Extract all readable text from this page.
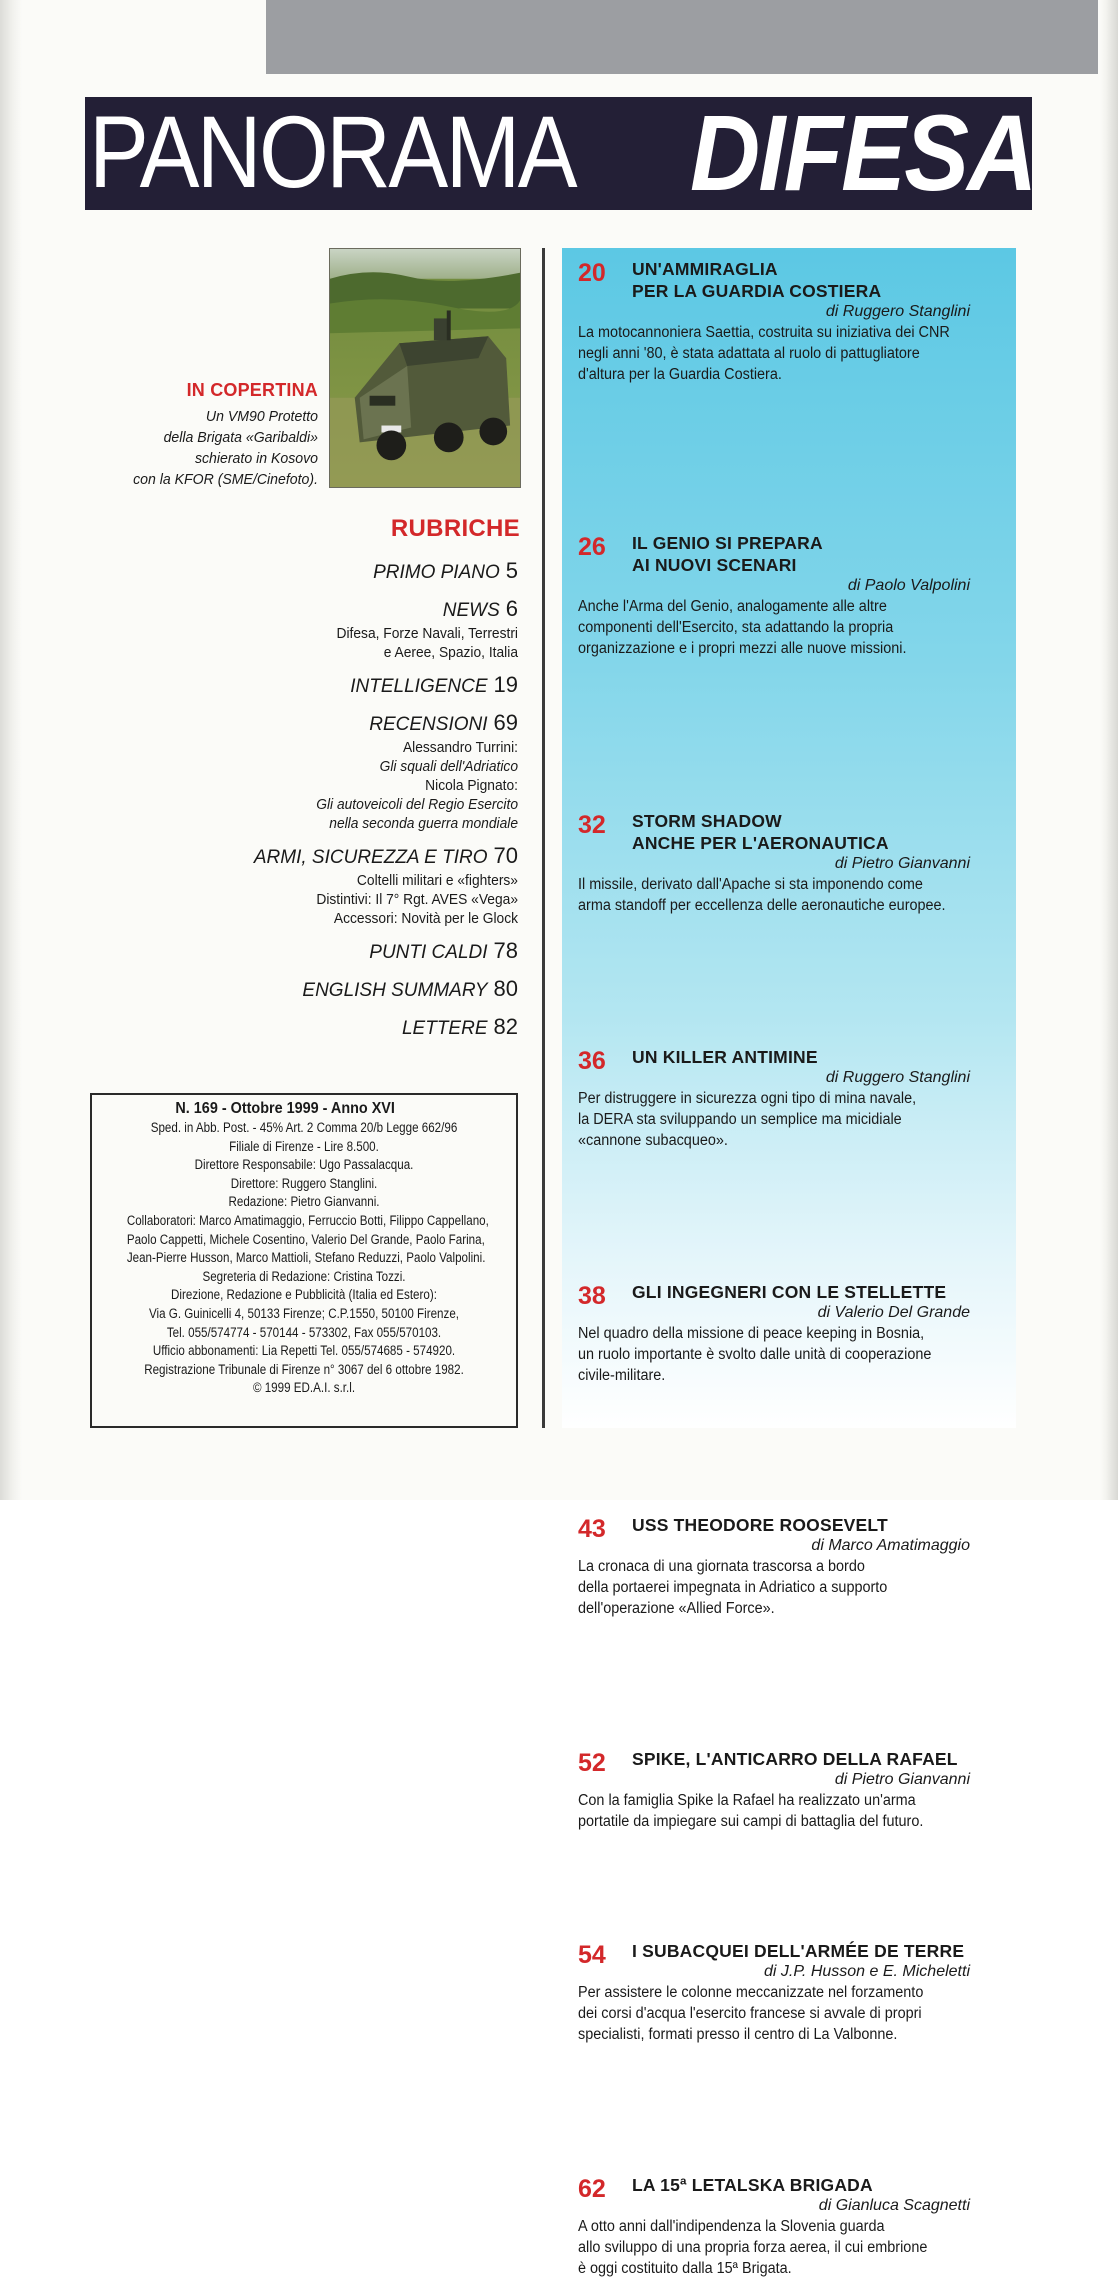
PANORAMA DIFESA
IN COPERTINA
Un VM90 Protetto
della Brigata «Garibaldi»
schierato in Kosovo
con la KFOR (SME/Cinefoto).
RUBRICHE
PRIMO PIANO 5
NEWS 6
Difesa, Forze Navali, Terrestri
e Aeree, Spazio, Italia
INTELLIGENCE 19
RECENSIONI 69
Alessandro Turrini:
Gli squali dell'Adriatico
Nicola Pignato:
Gli autoveicoli del Regio Esercito
nella seconda guerra mondiale
ARMI, SICUREZZA E TIRO 70
Coltelli militari e «fighters»
Distintivi: Il 7° Rgt. AVES «Vega»
Accessori: Novità per le Glock
PUNTI CALDI 78
ENGLISH SUMMARY 80
LETTERE 82
N. 169 - Ottobre 1999 - Anno XVI
Sped. in Abb. Post. - 45% Art. 2 Comma 20/b Legge 662/96
Filiale di Firenze - Lire 8.500.
Direttore Responsabile: Ugo Passalacqua.
Direttore: Ruggero Stanglini.
Redazione: Pietro Gianvanni.
Collaboratori: Marco Amatimaggio, Ferruccio Botti, Filippo Cappellano,
Paolo Cappetti, Michele Cosentino, Valerio Del Grande, Paolo Farina,
Jean-Pierre Husson, Marco Mattioli, Stefano Reduzzi, Paolo Valpolini.
Segreteria di Redazione: Cristina Tozzi.
Direzione, Redazione e Pubblicità (Italia ed Estero):
Via G. Guinicelli 4, 50133 Firenze; C.P.1550, 50100 Firenze,
Tel. 055/574774 - 570144 - 573302, Fax 055/570103.
Ufficio abbonamenti: Lia Repetti Tel. 055/574685 - 574920.
Registrazione Tribunale di Firenze n° 3067 del 6 ottobre 1982.
© 1999 ED.A.I. s.r.l.
20 UN'AMMIRAGLIA
PER LA GUARDIA COSTIERA
di Ruggero Stanglini
La motocannoniera Saettia, costruita su iniziativa dei CNR
negli anni '80, è stata adattata al ruolo di pattugliatore
d'altura per la Guardia Costiera.
26 IL GENIO SI PREPARA
AI NUOVI SCENARI
di Paolo Valpolini
Anche l'Arma del Genio, analogamente alle altre
componenti dell'Esercito, sta adattando la propria
organizzazione e i propri mezzi alle nuove missioni.
32 STORM SHADOW
ANCHE PER L'AERONAUTICA
di Pietro Gianvanni
Il missile, derivato dall'Apache si sta imponendo come
arma standoff per eccellenza delle aeronautiche europee.
36 UN KILLER ANTIMINE
di Ruggero Stanglini
Per distruggere in sicurezza ogni tipo di mina navale,
la DERA sta sviluppando un semplice ma micidiale
«cannone subacqueo».
38 GLI INGEGNERI CON LE STELLETTE
di Valerio Del Grande
Nel quadro della missione di peace keeping in Bosnia,
un ruolo importante è svolto dalle unità di cooperazione
civile-militare.
43 USS THEODORE ROOSEVELT
di Marco Amatimaggio
La cronaca di una giornata trascorsa a bordo
della portaerei impegnata in Adriatico a supporto
dell'operazione «Allied Force».
52 SPIKE, L'ANTICARRO DELLA RAFAEL
di Pietro Gianvanni
Con la famiglia Spike la Rafael ha realizzato un'arma
portatile da impiegare sui campi di battaglia del futuro.
54 I SUBACQUEI DELL'ARMÉE DE TERRE
di J.P. Husson e E. Micheletti
Per assistere le colonne meccanizzate nel forzamento
dei corsi d'acqua l'esercito francese si avvale di propri
specialisti, formati presso il centro di La Valbonne.
62 LA 15ª LETALSKA BRIGADA
di Gianluca Scagnetti
A otto anni dall'indipendenza la Slovenia guarda
allo sviluppo di una propria forza aerea, il cui embrione
è oggi costituito dalla 15ª Brigata.
